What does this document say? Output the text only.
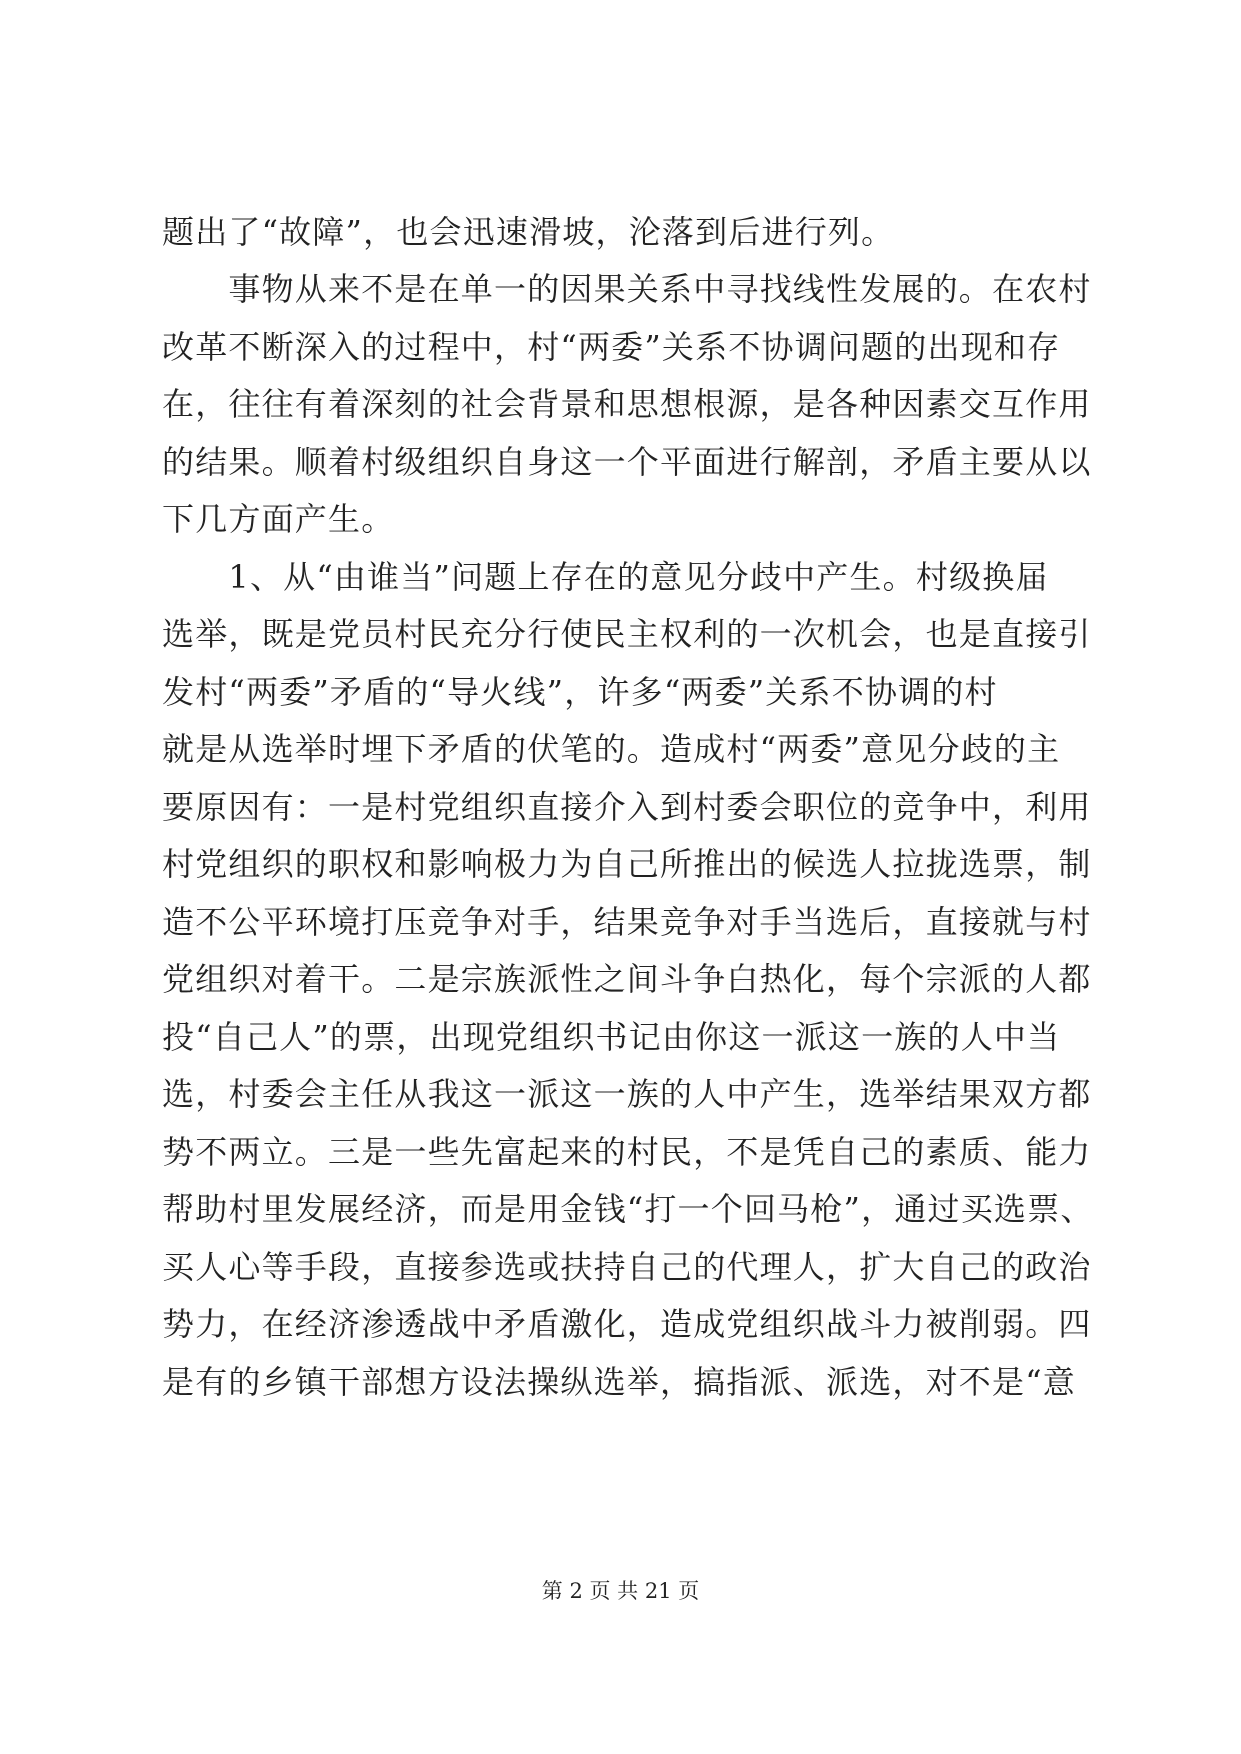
题出了“故障”，也会迅速滑坡，沦落到后进行列。
　　事物从来不是在单一的因果关系中寻找线性发展的。在农村
改革不断深入的过程中，村“两委”关系不协调问题的出现和存
在，往往有着深刻的社会背景和思想根源，是各种因素交互作用
的结果。顺着村级组织自身这一个平面进行解剖，矛盾主要从以
下几方面产生。
　　1、从“由谁当”问题上存在的意见分歧中产生。村级换届
选举，既是党员村民充分行使民主权利的一次机会，也是直接引
发村“两委”矛盾的“导火线”，许多“两委”关系不协调的村
就是从选举时埋下矛盾的伏笔的。造成村“两委”意见分歧的主
要原因有：一是村党组织直接介入到村委会职位的竞争中，利用
村党组织的职权和影响极力为自己所推出的候选人拉拢选票，制
造不公平环境打压竞争对手，结果竞争对手当选后，直接就与村
党组织对着干。二是宗族派性之间斗争白热化，每个宗派的人都
投“自己人”的票，出现党组织书记由你这一派这一族的人中当
选，村委会主任从我这一派这一族的人中产生，选举结果双方都
势不两立。三是一些先富起来的村民，不是凭自己的素质、能力
帮助村里发展经济，而是用金钱“打一个回马枪”，通过买选票、
买人心等手段，直接参选或扶持自己的代理人，扩大自己的政治
势力，在经济渗透战中矛盾激化，造成党组织战斗力被削弱。四
是有的乡镇干部想方设法操纵选举，搞指派、派选，对不是“意
第 2 页 共 21 页
